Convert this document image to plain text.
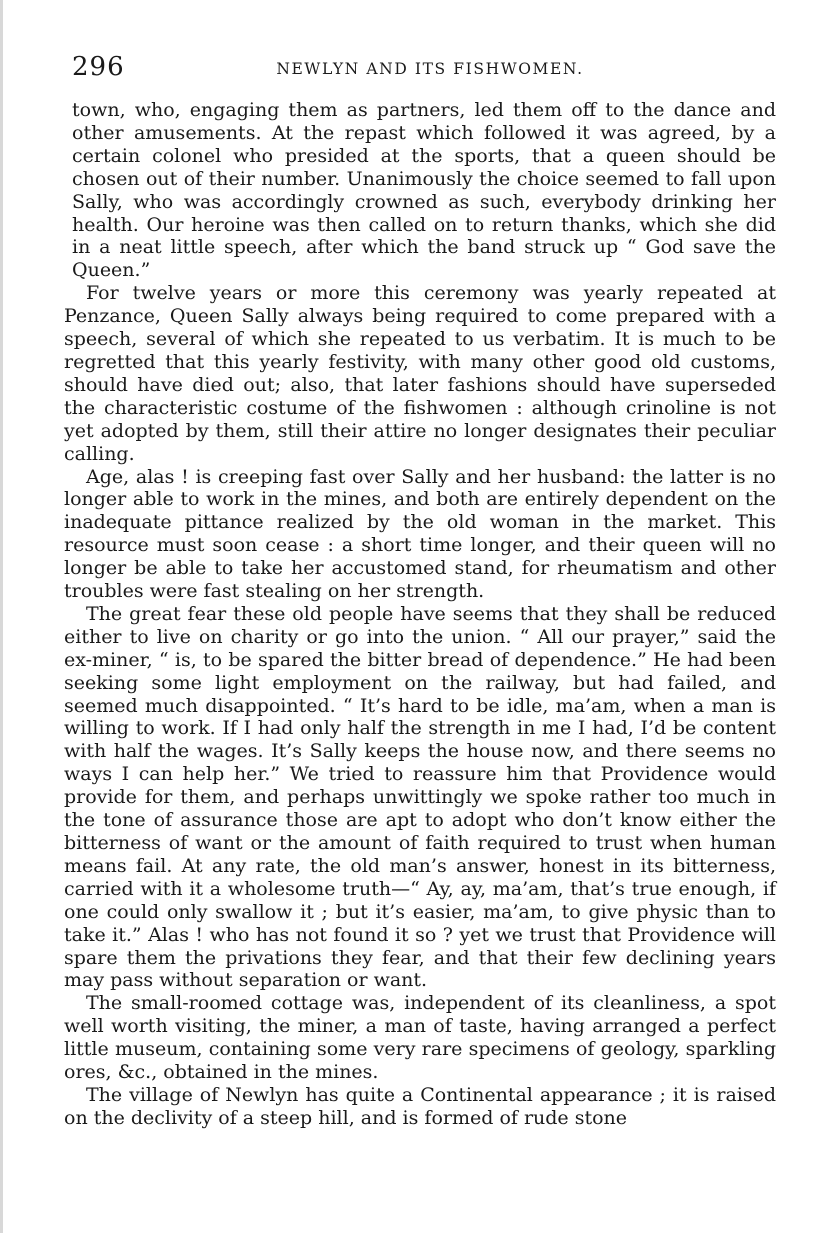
296	NEWLYN AND ITS FISHWOMEN.

town, who, engaging them as partners, led them off to the dance and other amusements. At the repast which followed it was agreed, by a certain colonel who presided at the sports, that a queen should be chosen out of their number. Unanimously the choice seemed to fall upon Sally, who was accordingly crowned as such, everybody drinking her health. Our heroine was then called on to return thanks, which she did in a neat little speech, after which the band struck up “ God save the Queen.”

For twelve years or more this ceremony was yearly repeated at Penzance, Queen Sally always being required to come prepared with a speech, several of which she repeated to us verbatim. It is much to be regretted that this yearly festivity, with many other good old customs, should have died out; also, that later fashions should have superseded the characteristic costume of the fishwomen : although crinoline is not yet adopted by them, still their attire no longer designates their peculiar calling.

Age, alas ! is creeping fast over Sally and her husband: the latter is no longer able to work in the mines, and both are entirely dependent on the inadequate pittance realized by the old woman in the market. This resource must soon cease : a short time longer, and their queen will no longer be able to take her accustomed stand, for rheumatism and other troubles were fast stealing on her strength.

The great fear these old people have seems that they shall be reduced either to live on charity or go into the union. “ All our prayer,” said the ex-miner, “ is, to be spared the bitter bread of dependence.” He had been seeking some light employment on the railway, but had failed, and seemed much disappointed. “ It’s hard to be idle, ma’am, when a man is willing to work. If I had only half the strength in me I had, I’d be content with half the wages. It’s Sally keeps the house now, and there seems no ways I can help her.” We tried to reassure him that Providence would provide for them, and perhaps unwittingly we spoke rather too much in the tone of assurance those are apt to adopt who don’t know either the bitterness of want or the amount of faith required to trust when human means fail. At any rate, the old man’s answer, honest in its bitterness, carried with it a wholesome truth—“ Ay, ay, ma’am, that’s true enough, if one could only swallow it ; but it’s easier, ma’am, to give physic than to take it.” Alas ! who has not found it so ? yet we trust that Providence will spare them the privations they fear, and that their few declining years may pass without separation or want.

The small-roomed cottage was, independent of its cleanliness, a spot well worth visiting, the miner, a man of taste, having arranged a perfect little museum, containing some very rare specimens of geology, sparkling ores, &c., obtained in the mines.

The village of Newlyn has quite a Continental appearance ; it is raised on the declivity of a steep hill, and is formed of rude stone
